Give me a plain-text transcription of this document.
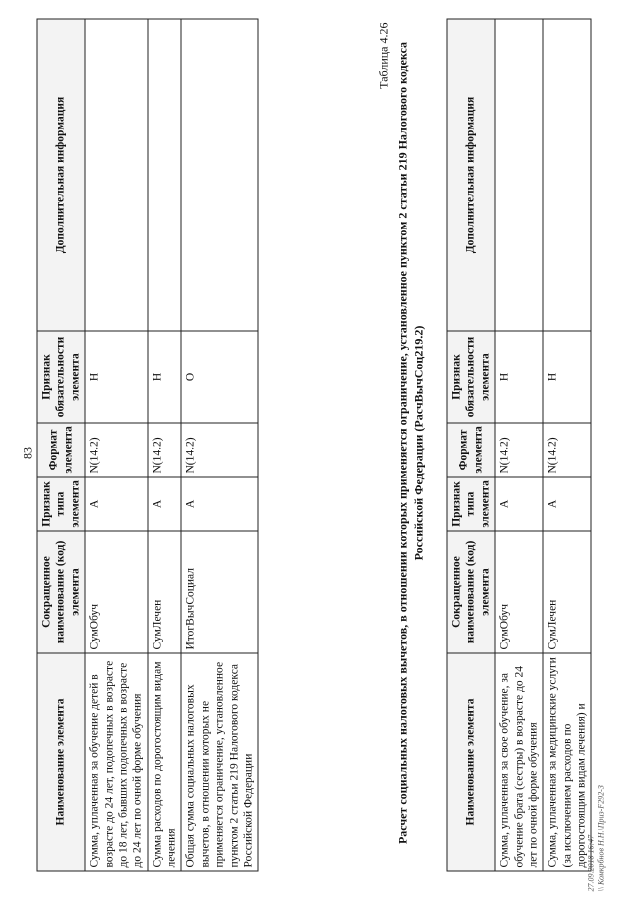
83
Наименование элемента	Сокращенное наименование (код) элемента	Признак типа элемента	Формат элемента	Признак обязательности элемента	Дополнительная информация
Сумма, уплаченная за обучение детей в возрасте до 24 лет, подопечных в возрасте до 18 лет, бывших подопечных в возрасте до 24 лет по очной форме обучения	СумОбуч	А	N(14.2)	Н	
Сумма расходов по дорогостоящим видам лечения	СумЛечен	А	N(14.2)	Н	
Общая сумма социальных налоговых вычетов, в отношении которых не применяется ограничение, установленное пунктом 2 статьи 219 Налогового кодекса Российской Федерации	ИтогВычСоциал	А	N(14.2)	О	
Таблица 4.26 Расчет социальных налоговых вычетов, в отношении которых применяется ограничение, установленное пунктом 2 статьи 219 Налогового кодекса Российской Федерации (РасчВычСоц219.2)
Наименование элемента	Сокращенное наименование (код) элемента	Признак типа элемента	Формат элемента	Признак обязательности элемента	Дополнительная информация
Сумма, уплаченная за свое обучение, за обучение брата (сестры) в возрасте до 24 лет по очной форме обучения	СумОбуч	А	N(14.2)	Н	
Сумма, уплаченная за медицинские услуги (за исключением расходов по дорогостоящим видам лечения) и	СумЛечен	А	N(14.2)	Н	
27.09.2018 16:47 \\ Комкрбнов Н.Н.\Приз-F292-3
